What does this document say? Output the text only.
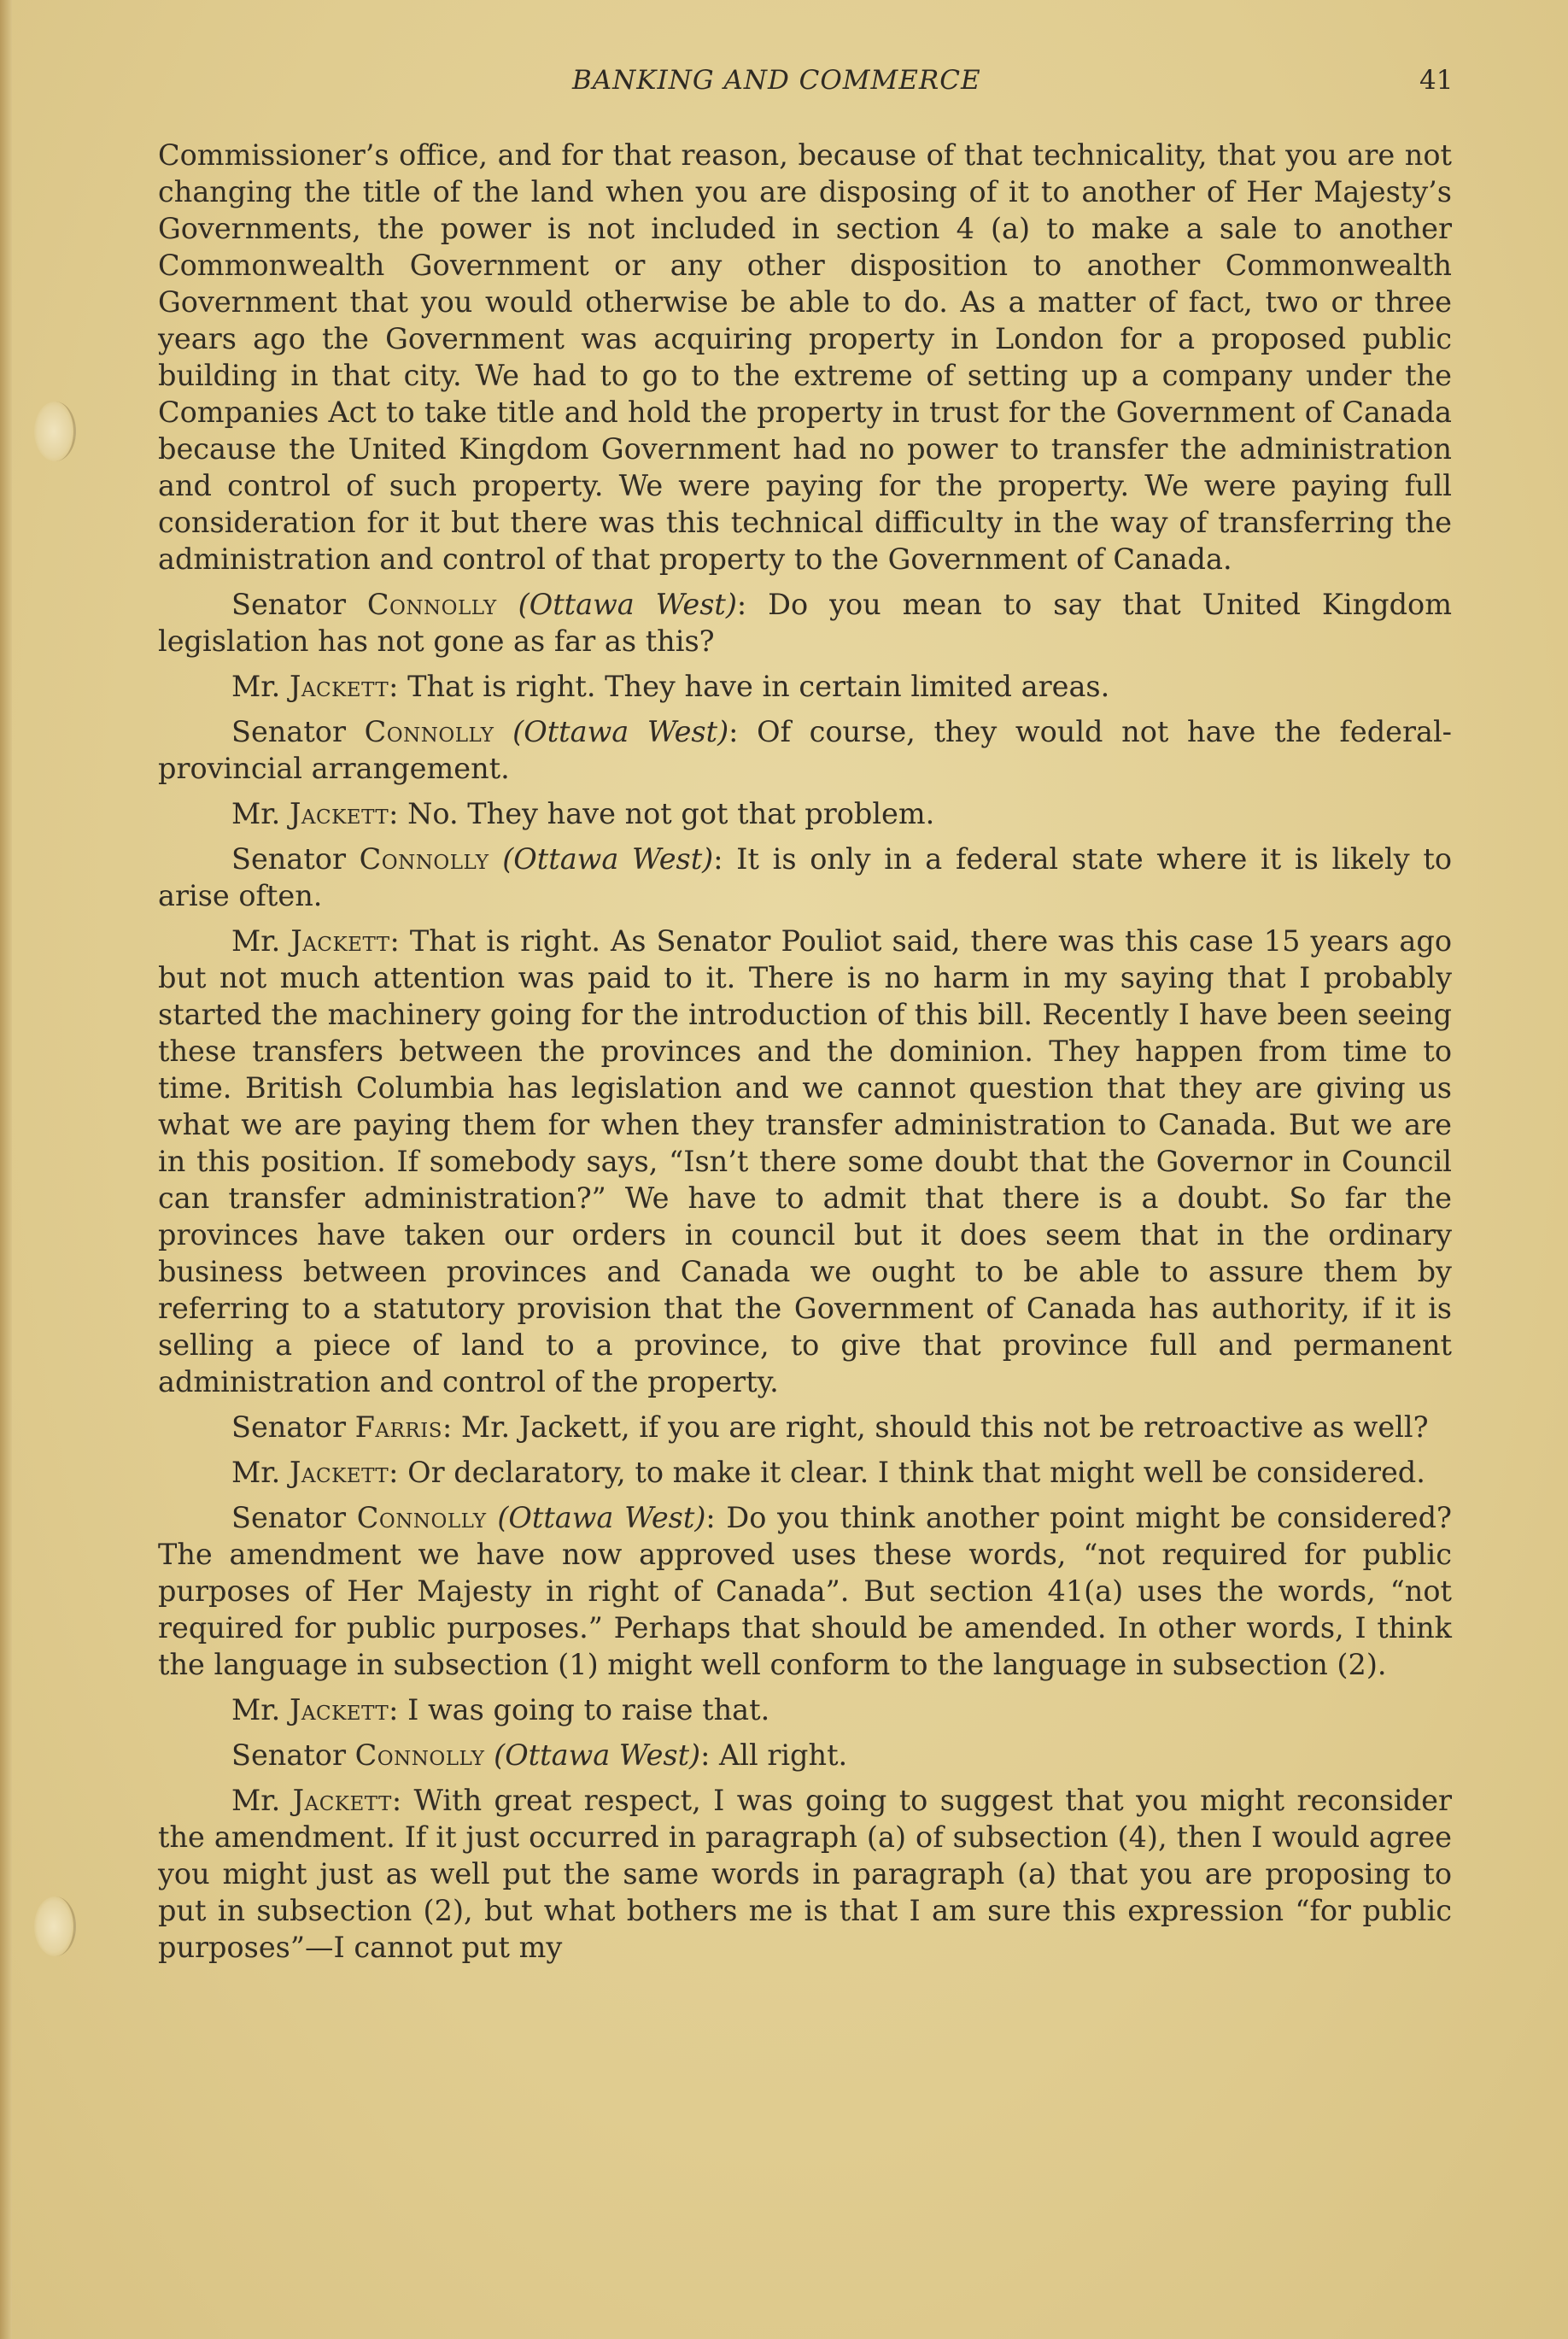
BANKING AND COMMERCE	41

Commissioner’s office, and for that reason, because of that technicality, that you are not changing the title of the land when you are disposing of it to another of Her Majesty’s Governments, the power is not included in section 4 (a) to make a sale to another Commonwealth Government or any other disposition to another Commonwealth Government that you would otherwise be able to do. As a matter of fact, two or three years ago the Government was acquiring property in London for a proposed public building in that city. We had to go to the extreme of setting up a company under the Companies Act to take title and hold the property in trust for the Government of Canada because the United Kingdom Government had no power to transfer the administration and control of such property. We were paying for the property. We were paying full consideration for it but there was this technical difficulty in the way of transferring the administration and control of that property to the Government of Canada.

Senator Connolly (Ottawa West): Do you mean to say that United Kingdom legislation has not gone as far as this?

Mr. Jackett: That is right. They have in certain limited areas.

Senator Connolly (Ottawa West): Of course, they would not have the federal-provincial arrangement.

Mr. Jackett: No. They have not got that problem.

Senator Connolly (Ottawa West): It is only in a federal state where it is likely to arise often.

Mr. Jackett: That is right. As Senator Pouliot said, there was this case 15 years ago but not much attention was paid to it. There is no harm in my saying that I probably started the machinery going for the introduction of this bill. Recently I have been seeing these transfers between the provinces and the dominion. They happen from time to time. British Columbia has legislation and we cannot question that they are giving us what we are paying them for when they transfer administration to Canada. But we are in this position. If somebody says, “Isn’t there some doubt that the Governor in Council can transfer administration?” We have to admit that there is a doubt. So far the provinces have taken our orders in council but it does seem that in the ordinary business between provinces and Canada we ought to be able to assure them by referring to a statutory provision that the Government of Canada has authority, if it is selling a piece of land to a province, to give that province full and permanent administration and control of the property.

Senator Farris: Mr. Jackett, if you are right, should this not be retroactive as well?

Mr. Jackett: Or declaratory, to make it clear. I think that might well be considered.

Senator Connolly (Ottawa West): Do you think another point might be considered? The amendment we have now approved uses these words, “not required for public purposes of Her Majesty in right of Canada”. But section 41(a) uses the words, “not required for public purposes.” Perhaps that should be amended. In other words, I think the language in subsection (1) might well conform to the language in subsection (2).

Mr. Jackett: I was going to raise that.

Senator Connolly (Ottawa West): All right.

Mr. Jackett: With great respect, I was going to suggest that you might reconsider the amendment. If it just occurred in paragraph (a) of subsection (4), then I would agree you might just as well put the same words in paragraph (a) that you are proposing to put in subsection (2), but what bothers me is that I am sure this expression “for public purposes”—I cannot put my
